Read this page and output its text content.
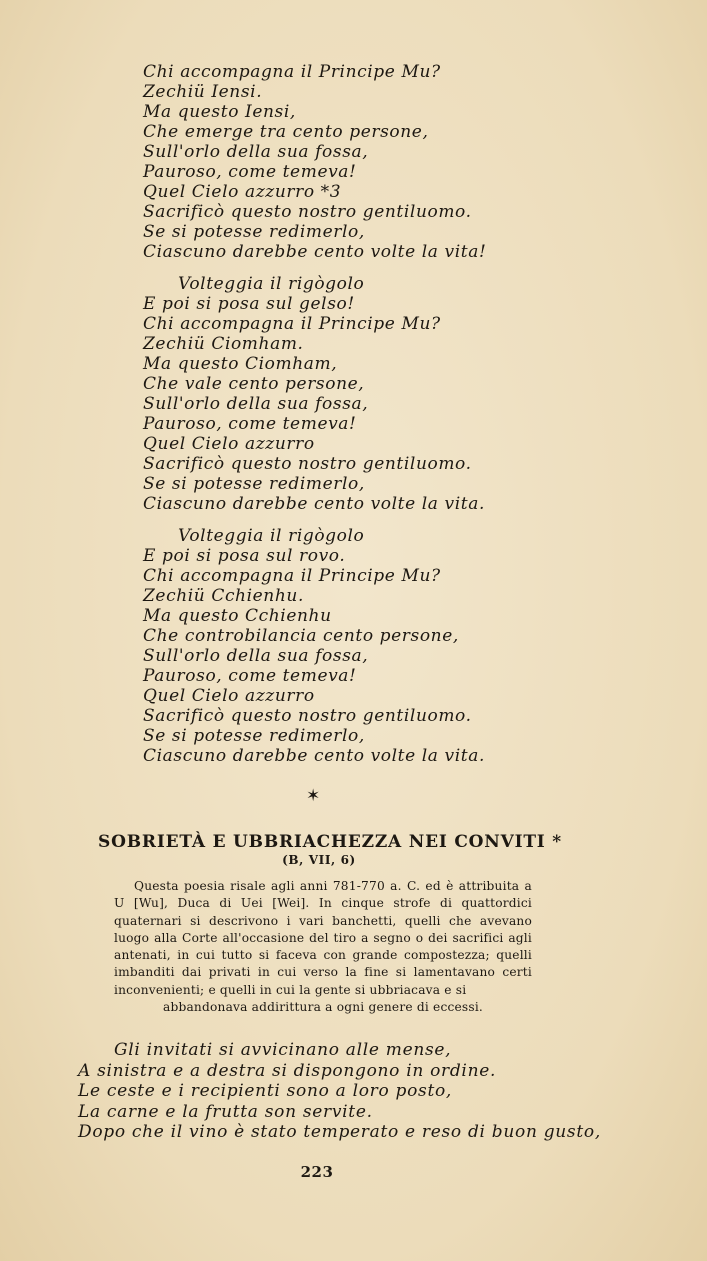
Chi accompagna il Principe Mu?
Zechiü Iensi.
Ma questo Iensi,
Che emerge tra cento persone,
Sull'orlo della sua fossa,
Pauroso, come temeva!
Quel Cielo azzurro *3
Sacrificò questo nostro gentiluomo.
Se si potesse redimerlo,
Ciascuno darebbe cento volte la vita!
Volteggia il rigògolo
E poi si posa sul gelso!
Chi accompagna il Principe Mu?
Zechiü Ciomham.
Ma questo Ciomham,
Che vale cento persone,
Sull'orlo della sua fossa,
Pauroso, come temeva!
Quel Cielo azzurro
Sacrificò questo nostro gentiluomo.
Se si potesse redimerlo,
Ciascuno darebbe cento volte la vita.
Volteggia il rigògolo
E poi si posa sul rovo.
Chi accompagna il Principe Mu?
Zechiü Cchienhu.
Ma questo Cchienhu
Che controbilancia cento persone,
Sull'orlo della sua fossa,
Pauroso, come temeva!
Quel Cielo azzurro
Sacrificò questo nostro gentiluomo.
Se si potesse redimerlo,
Ciascuno darebbe cento volte la vita.
✶
SOBRIETÀ E UBBRIACHEZZA NEI CONVITI *
(B, VII, 6)
Questa poesia risale agli anni 781-770 a. C. ed è attribuita a U [Wu], Duca di Uei [Wei]. In cinque strofe di quattordici quaternari si descrivono i vari banchetti, quelli che avevano luogo alla Corte all'occasione del tiro a segno o dei sacrifici agli antenati, in cui tutto si faceva con grande compostezza; quelli imbanditi dai privati in cui verso la fine si lamentavano certi inconvenienti; e quelli in cui la gente si ubbriacava e si
abbandonava addirittura a ogni genere di eccessi.
Gli invitati si avvicinano alle mense,
A sinistra e a destra si dispongono in ordine.
Le ceste e i recipienti sono a loro posto,
La carne e la frutta son servite.
Dopo che il vino è stato temperato e reso di buon gusto,
223
